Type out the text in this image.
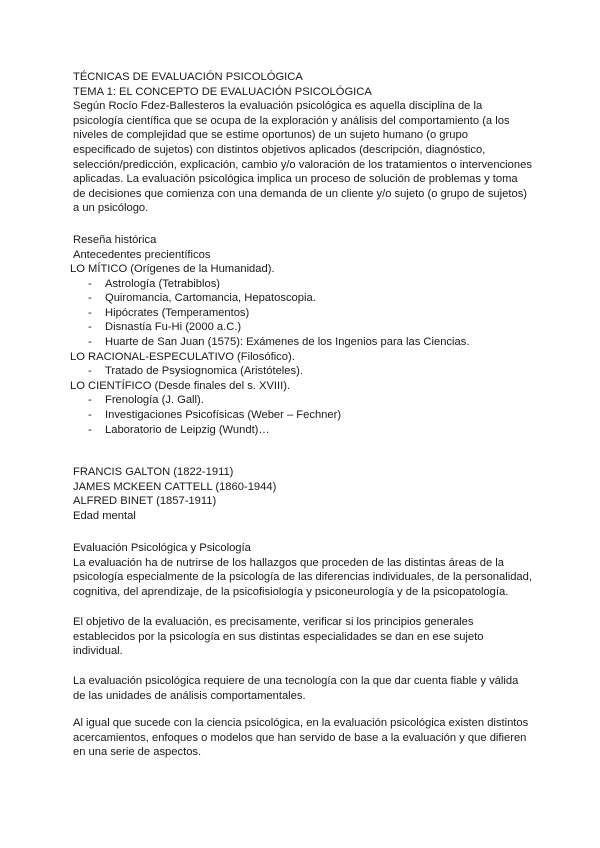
TÉCNICAS DE EVALUACIÓN PSICOLÓGICA
TEMA 1: EL CONCEPTO DE EVALUACIÓN PSICOLÓGICA
Según Rocío Fdez-Ballesteros la evaluación psicológica es aquella disciplina de la
psicología científica que se ocupa de la exploración y análisis del comportamiento (a los
niveles de complejidad que se estime oportunos) de un sujeto humano (o grupo
especificado de sujetos) con distintos objetivos aplicados (descripción, diagnóstico,
selección/predicción, explicación, cambio y/o valoración de los tratamientos o intervenciones
aplicadas. La evaluación psicológica implica un proceso de solución de problemas y toma
de decisiones que comienza con una demanda de un cliente y/o sujeto (o grupo de sujetos)
a un psicólogo.
Reseña histórica
Antecedentes precientíficos
LO MÍTICO (Orígenes de la Humanidad).
- Astrología (Tetrabiblos)
- Quiromancia, Cartomancia, Hepatoscopia.
- Hipócrates (Temperamentos)
- Disnastía Fu-Hi (2000 a.C.)
- Huarte de San Juan (1575): Exámenes de los Ingenios para las Ciencias.
LO RACIONAL-ESPECULATIVO (Filosófico).
- Tratado de Psysiognomica (Aristóteles).
LO CIENTÍFICO (Desde finales del s. XVIII).
- Frenología (J. Gall).
- Investigaciones Psicofísicas (Weber – Fechner)
- Laboratorio de Leipzig (Wundt)…
FRANCIS GALTON (1822-1911)
JAMES MCKEEN CATTELL (1860-1944)
ALFRED BINET (1857-1911)
Edad mental
Evaluación Psicológica y Psicología
La evaluación ha de nutrirse de los hallazgos que proceden de las distintas áreas de la
psicología especialmente de la psicología de las diferencias individuales, de la personalidad,
cognitiva, del aprendizaje, de la psicofisiología y psiconeurología y de la psicopatología.
El objetivo de la evaluación, es precisamente, verificar si los principios generales
establecidos por la psicología en sus distintas especialidades se dan en ese sujeto
individual.
La evaluación psicológica requiere de una tecnología con la que dar cuenta fiable y válida
de las unidades de análisis comportamentales.
Al igual que sucede con la ciencia psicológica, en la evaluación psicológica existen distintos
acercamientos, enfoques o modelos que han servido de base a la evaluación y que difieren
en una serie de aspectos.
